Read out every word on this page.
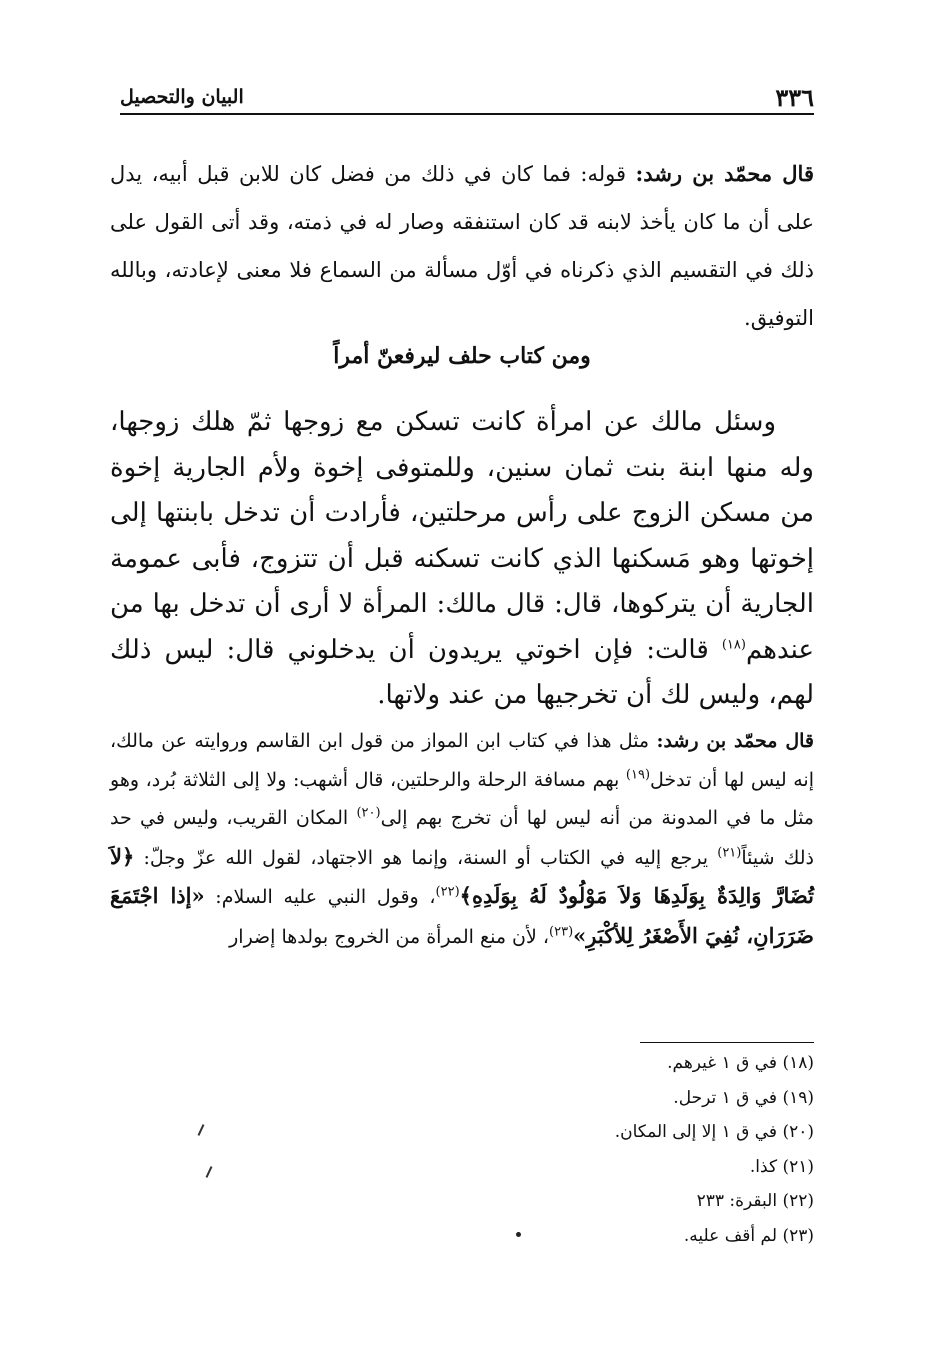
٣٣٦
البيان والتحصيل
قال محمّد بن رشد: قوله: فما كان في ذلك من فضل كان للابن قبل أبيه، يدل على أن ما كان يأخذ لابنه قد كان استنفقه وصار له في ذمته، وقد أتى القول على ذلك في التقسيم الذي ذكرناه في أوّل مسألة من السماع فلا معنى لإعادته، وبالله التوفيق.
ومن كتاب حلف ليرفعنّ أمراً
وسئل مالك عن امرأة كانت تسكن مع زوجها ثمّ هلك زوجها، وله منها ابنة بنت ثمان سنين، وللمتوفى إخوة ولأم الجارية إخوة من مسكن الزوج على رأس مرحلتين، فأرادت أن تدخل بابنتها إلى إخوتها وهو مَسكنها الذي كانت تسكنه قبل أن تتزوج، فأبى عمومة الجارية أن يتركوها، قال: قال مالك: المرأة لا أرى أن تدخل بها من عندهم$^{(١٨)}$ قالت: فإن اخوتي يريدون أن يدخلوني قال: ليس ذلك لهم، وليس لك أن تخرجيها من عند ولاتها.
قال محمّد بن رشد: مثل هذا في كتاب ابن المواز من قول ابن القاسم وروايته عن مالك، إنه ليس لها أن تدخل$^{(١٩)}$ بهم مسافة الرحلة والرحلتين، قال أشهب: ولا إلى الثلاثة بُرد، وهو مثل ما في المدونة من أنه ليس لها أن تخرج بهم إلى$^{(٢٠)}$ المكان القريب، وليس في حد ذلك شيئاً$^{(٢١)}$ يرجع إليه في الكتاب أو السنة، وإنما هو الاجتهاد، لقول الله عزّ وجلّ: ﴿لاَ تُضَارَّ وَالِدَةٌ بِوَلَدِهَا وَلاَ مَوْلُودٌ لَهُ بِوَلَدِهِ﴾$^{(٢٢)}$، وقول النبي عليه السلام: «إذا اجْتَمَعَ ضَرَرَانِ، نُفِيَ الأَصْغَرُ لِلأكْبَرِ»$^{(٢٣)}$، لأن منع المرأة من الخروج بولدها إضرار
(١٨) في ق ١ غيرهم.
(١٩) في ق ١ ترحل.
(٢٠) في ق ١ إلا إلى المكان.
(٢١) كذا.
(٢٢) البقرة: ٢٣٣
(٢٣) لم أقف عليه.
